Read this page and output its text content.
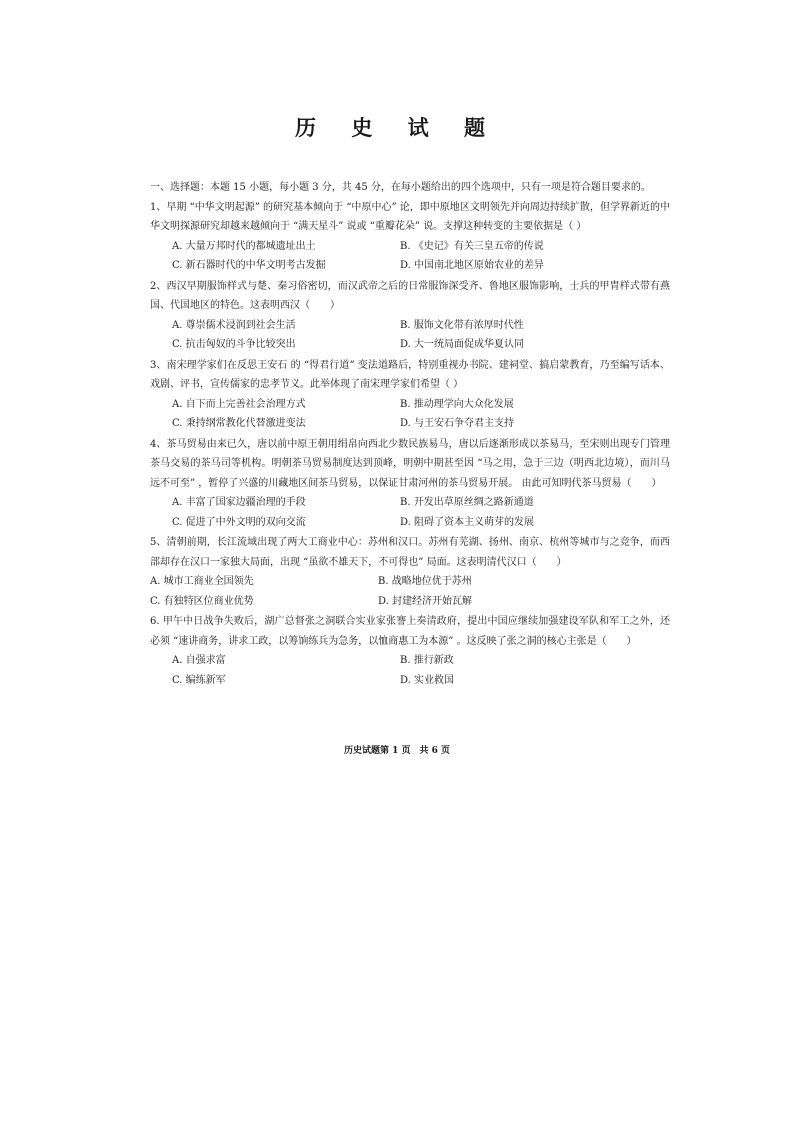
历 史 试 题

一、选择题：本题 15 小题，每小题 3 分，共 45 分，在每小题给出的四个选项中，只有一项是符合题目要求的。

1、早期 “中华文明起源” 的研究基本倾向于 “中原中心” 论，即中原地区文明领先并向周边持续扩散，但学界新近的中华文明探源研究却越来越倾向于 “满天星斗” 说或 “重瓣花朵” 说。支撑这种转变的主要依据是（ ）

A. 大量万邦时代的都城遗址出土	B. 《史记》有关三皇五帝的传说
C. 新石器时代的中华文明考古发掘	D. 中国南北地区原始农业的差异

2、西汉早期服饰样式与楚、秦习俗密切，而汉武帝之后的日常服饰深受齐、鲁地区服饰影响，士兵的甲胄样式带有燕国、代国地区的特色。这表明西汉（　　）

A. 尊崇儒术浸润到社会生活	B. 服饰文化带有浓厚时代性
C. 抗击匈奴的斗争比较突出	D. 大一统局面促成华夏认同

3、南宋理学家们在反思王安石 的 “得君行道” 变法道路后，特别重视办书院、建祠堂、搞启蒙教育，乃至编写话本、戏剧、评书，宣传儒家的忠孝节义。此举体现了南宋理学家们希望（ ）

A. 自下而上完善社会治理方式	B. 推动理学向大众化发展
C. 秉持纲常教化代替激进变法	D. 与王安石争夺君主支持

4、茶马贸易由来已久，唐以前中原王朝用绢帛向西北少数民族易马，唐以后逐渐形成以茶易马，至宋则出现专门管理茶马交易的茶马司等机构。明朝茶马贸易制度达到顶峰，明朝中期甚至因 “马之用，急于三边（明西北边境），而川马远不可至” ，暂停了兴盛的川藏地区间茶马贸易，以保证甘肃河州的茶马贸易开展。 由此可知明代茶马贸易（　　）

A. 丰富了国家边疆治理的手段	B. 开发出草原丝绸之路新通道
C. 促进了中外文明的双向交流	D. 阻碍了资本主义萌芽的发展

5、清朝前期，长江流域出现了两大工商业中心：苏州和汉口。苏州有芜湖、扬州、南京、杭州等城市与之竞争，而西部却存在汉口一家独大局面，出现 “虽欲不雄天下，不可得也” 局面。这表明清代汉口（　　）

A. 城市工商业全国领先	B. 战略地位优于苏州
C. 有独特区位商业优势	D. 封建经济开始瓦解

6. 甲午中日战争失败后，湖广总督张之洞联合实业家张謇上奏清政府，提出中国应继续加强建设军队和军工之外，还必须 “速讲商务，讲求工政，以筹饷练兵为急务，以恤商惠工为本源” 。这反映了张之洞的核心主张是（　　）

A. 自强求富	B. 推行新政
C. 编练新军	D. 实业救国
历史试题第 1 页　共 6 页
